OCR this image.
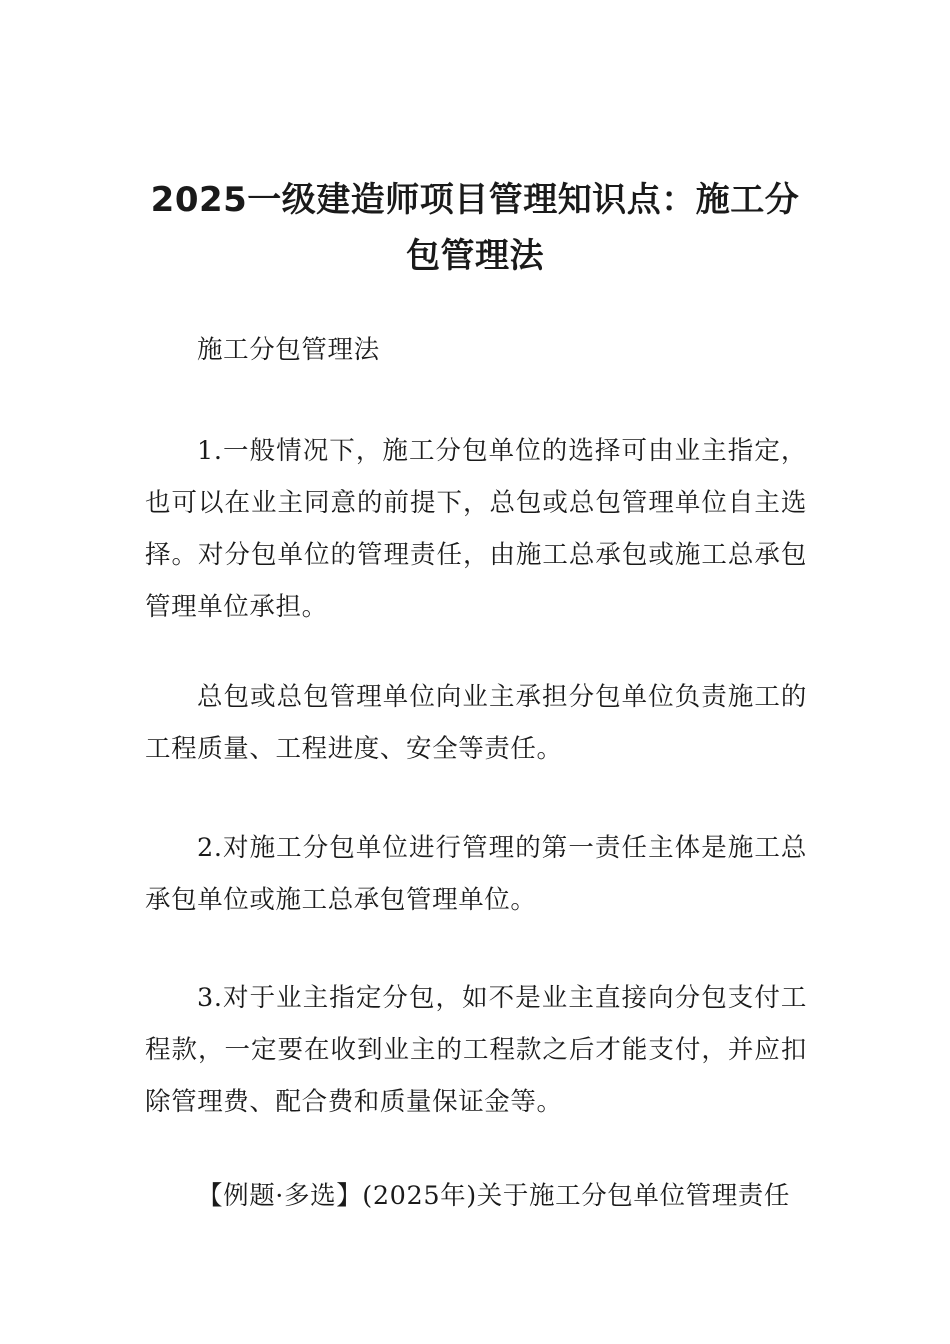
2025一级建造师项目管理知识点：施工分包管理法

施工分包管理法

1.一般情况下，施工分包单位的选择可由业主指定，也可以在业主同意的前提下，总包或总包管理单位自主选择。对分包单位的管理责任，由施工总承包或施工总承包管理单位承担。

总包或总包管理单位向业主承担分包单位负责施工的工程质量、工程进度、安全等责任。

2.对施工分包单位进行管理的第一责任主体是施工总承包单位或施工总承包管理单位。

3.对于业主指定分包，如不是业主直接向分包支付工程款，一定要在收到业主的工程款之后才能支付，并应扣除管理费、配合费和质量保证金等。

【例题·多选】(2025年)关于施工分包单位管理责任
